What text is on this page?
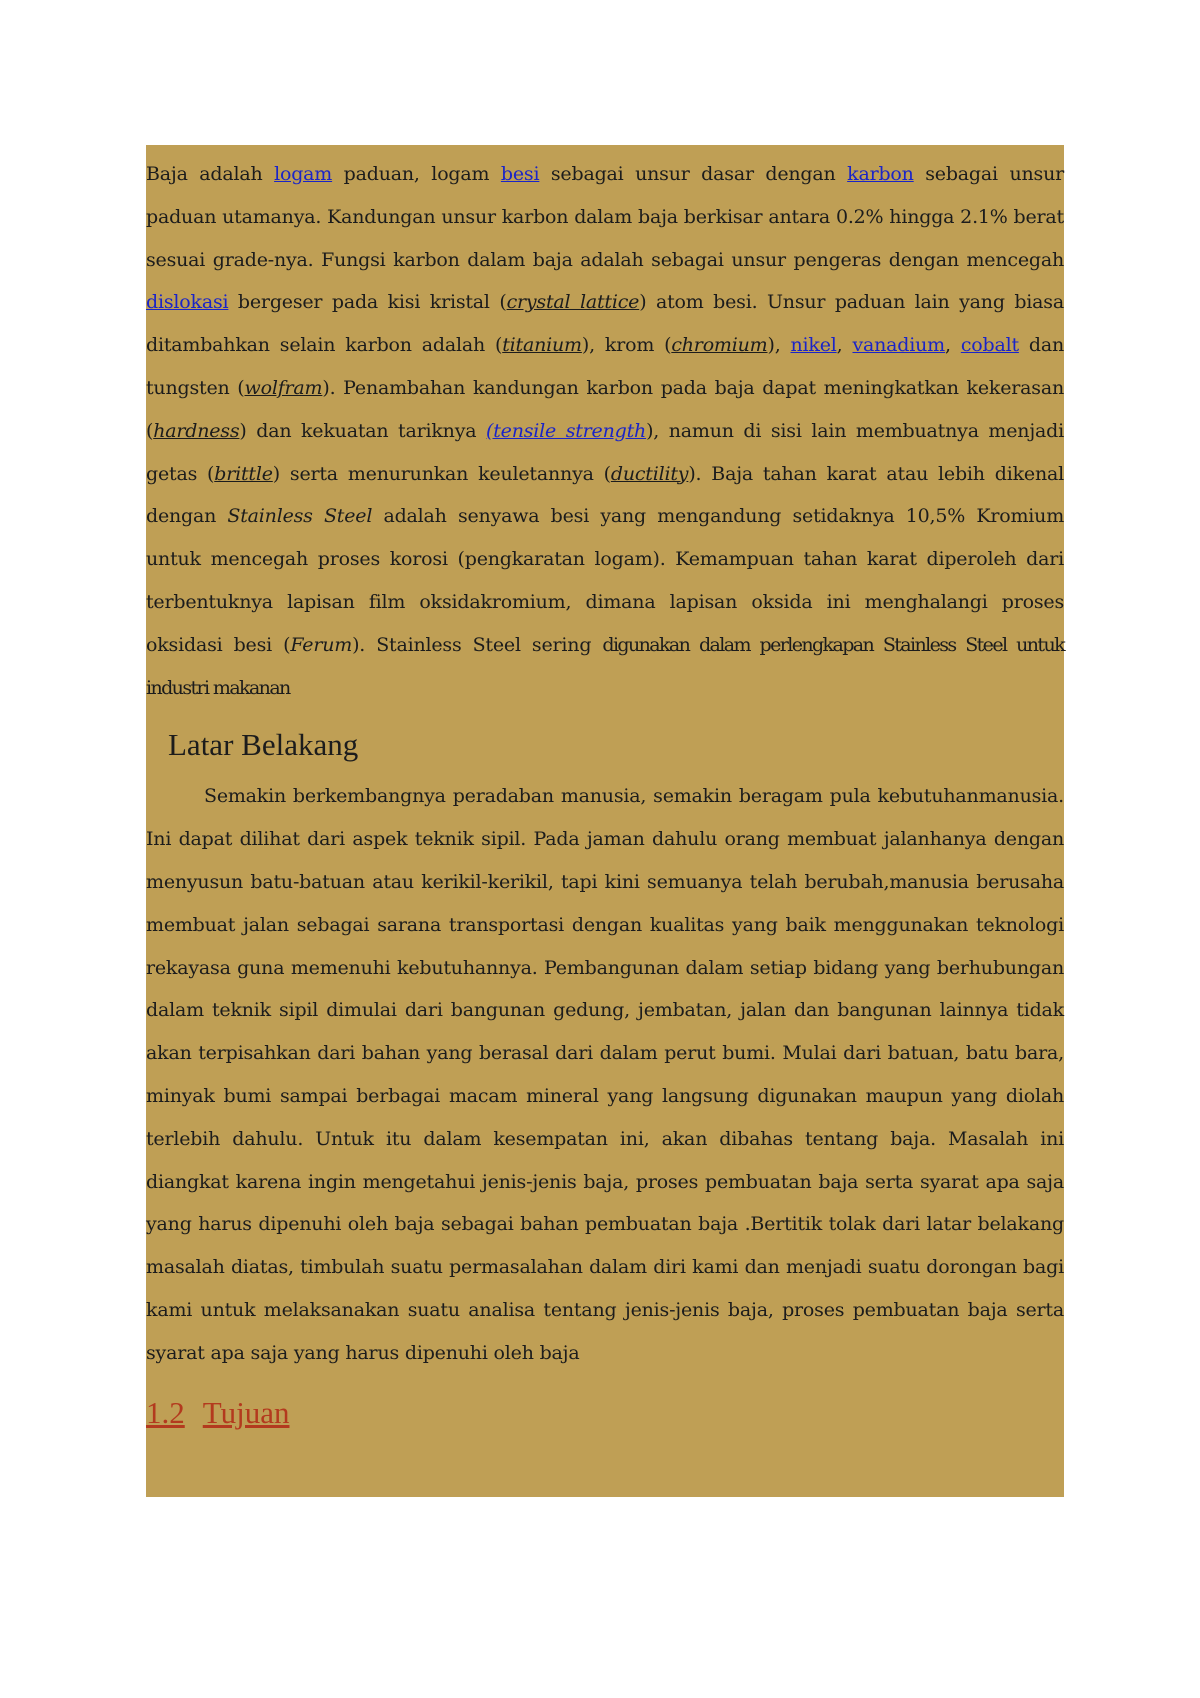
Baja adalah logam paduan, logam besi sebagai unsur dasar dengan karbon sebagai unsur paduan utamanya. Kandungan unsur karbon dalam baja berkisar antara 0.2% hingga 2.1% berat sesuai grade-nya. Fungsi karbon dalam baja adalah sebagai unsur pengeras dengan mencegah dislokasi bergeser pada kisi kristal (crystal lattice) atom besi. Unsur paduan lain yang biasa ditambahkan selain karbon adalah (titanium), krom (chromium), nikel, vanadium, cobalt dan tungsten (wolfram). Penambahan kandungan karbon pada baja dapat meningkatkan kekerasan (hardness) dan kekuatan tariknya (tensile strength), namun di sisi lain membuatnya menjadi getas (brittle) serta menurunkan keuletannya (ductility). Baja tahan karat atau lebih dikenal dengan Stainless Steel adalah senyawa besi yang mengandung setidaknya 10,5% Kromium untuk mencegah proses korosi (pengkaratan logam). Kemampuan tahan karat diperoleh dari terbentuknya lapisan film oksidakromium, dimana lapisan oksida ini menghalangi proses oksidasi besi (Ferum). Stainless Steel sering digunakan dalam perlengkapan Stainless Steel untuk industri makanan

Latar Belakang

Semakin berkembangnya peradaban manusia, semakin beragam pula kebutuhanmanusia. Ini dapat dilihat dari aspek teknik sipil. Pada jaman dahulu orang membuat jalanhanya dengan menyusun batu-batuan atau kerikil-kerikil, tapi kini semuanya telah berubah,manusia berusaha membuat jalan sebagai sarana transportasi dengan kualitas yang baik menggunakan teknologi rekayasa guna memenuhi kebutuhannya. Pembangunan dalam setiap bidang yang berhubungan dalam teknik sipil dimulai dari bangunan gedung, jembatan, jalan dan bangunan lainnya tidak akan terpisahkan dari bahan yang berasal dari dalam perut bumi. Mulai dari batuan, batu bara, minyak bumi sampai berbagai macam mineral yang langsung digunakan maupun yang diolah terlebih dahulu. Untuk itu dalam kesempatan ini, akan dibahas tentang baja. Masalah ini diangkat karena ingin mengetahui jenis-jenis baja, proses pembuatan baja serta syarat apa saja yang harus dipenuhi oleh baja sebagai bahan pembuatan baja .Bertitik tolak dari latar belakang masalah diatas, timbulah suatu permasalahan dalam diri kami dan menjadi suatu dorongan bagi kami untuk melaksanakan suatu analisa tentang jenis-jenis baja, proses pembuatan baja serta syarat apa saja yang harus dipenuhi oleh baja

1.2 Tujuan
